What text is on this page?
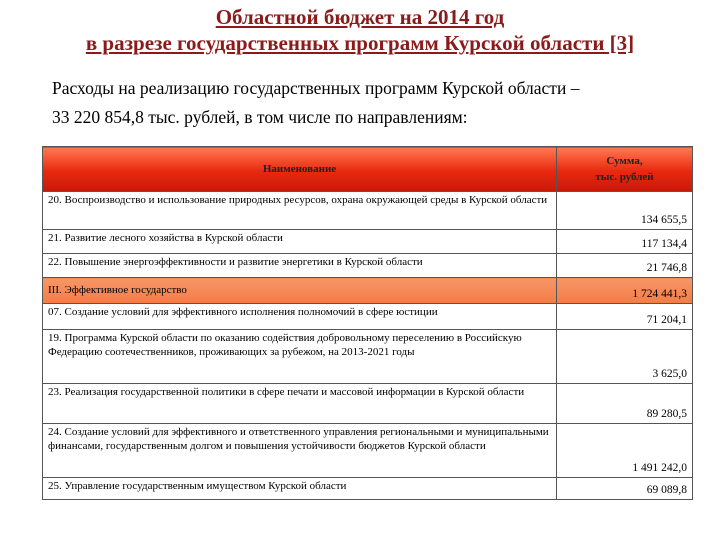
Областной бюджет на 2014 год
в разрезе государственных программ Курской области [3]
Расходы на реализацию государственных программ Курской области –
33 220 854,8 тыс. рублей, в том числе по направлениям:
Наименование	Сумма,
тыс. рублей

20. Воспроизводство и использование природных ресурсов, охрана окружающей среды в Курской области	134 655,5
21. Развитие лесного хозяйства в Курской области	117 134,4
22. Повышение энергоэффективности и развитие энергетики в Курской области	21 746,8
III. Эффективное государство	1 724 441,3
07. Создание условий для эффективного исполнения полномочий в сфере юстиции	71 204,1
19. Программа Курской области по оказанию содействия добровольному переселению в Российскую Федерацию соотечественников, проживающих за рубежом, на 2013-2021 годы	3 625,0
23. Реализация государственной политики в сфере печати и массовой информации в Курской области	89 280,5
24. Создание условий для эффективного и ответственного управления региональными и муниципальными финансами, государственным долгом и повышения устойчивости бюджетов Курской области	1 491 242,0
25. Управление государственным имуществом Курской области	69 089,8
